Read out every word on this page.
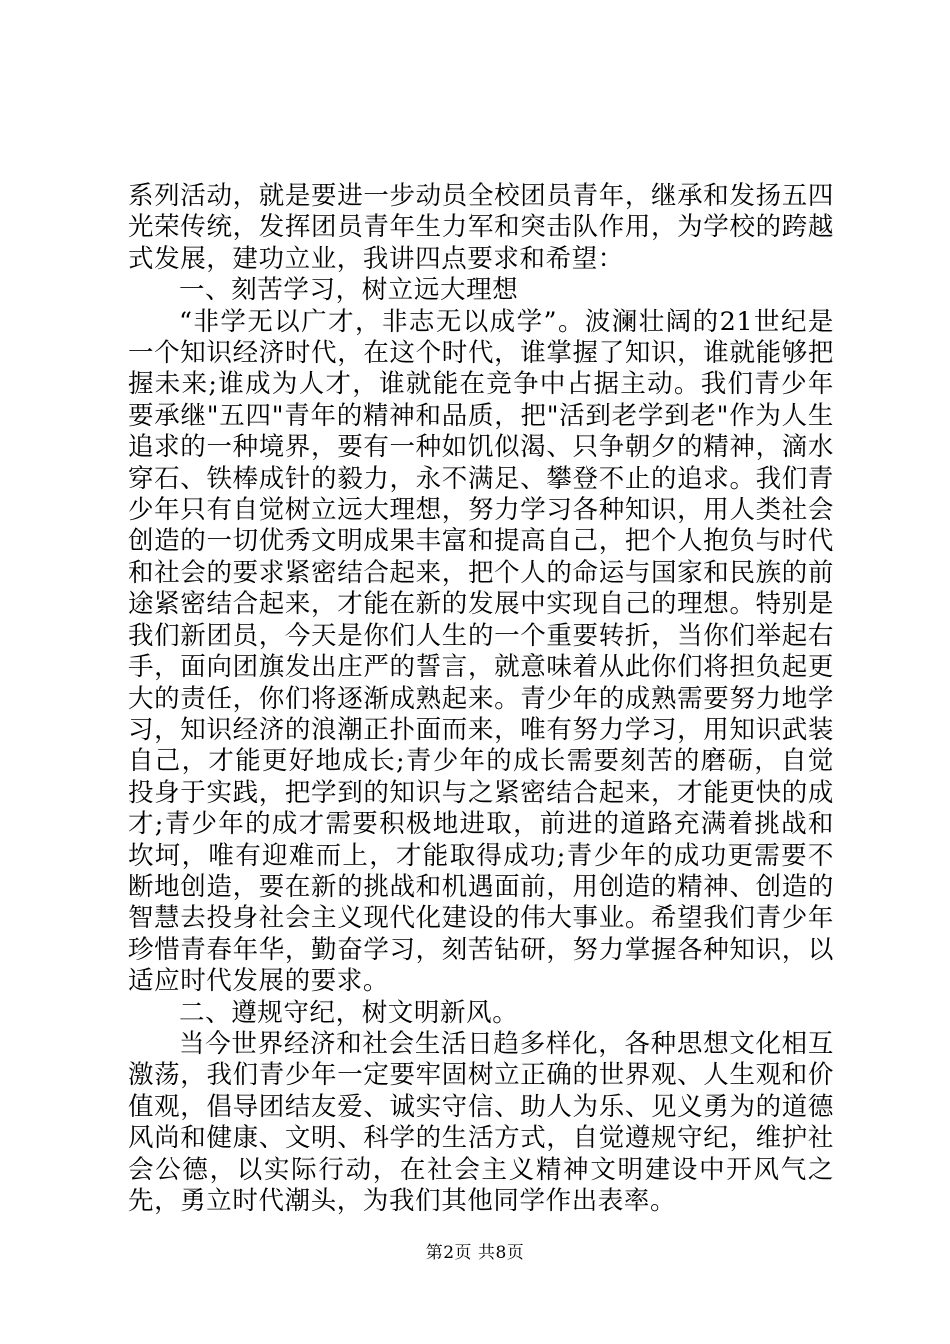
系列活动，就是要进一步动员全校团员青年，继承和发扬五四光荣传统，发挥团员青年生力军和突击队作用，为学校的跨越式发展，建功立业，我讲四点要求和希望：

一、刻苦学习，树立远大理想

“非学无以广才，非志无以成学”。波澜壮阔的21世纪是一个知识经济时代，在这个时代，谁掌握了知识，谁就能够把握未来;谁成为人才，谁就能在竞争中占据主动。我们青少年要承继"五四"青年的精神和品质，把"活到老学到老"作为人生追求的一种境界，要有一种如饥似渴、只争朝夕的精神，滴水穿石、铁棒成针的毅力，永不满足、攀登不止的追求。我们青少年只有自觉树立远大理想，努力学习各种知识，用人类社会创造的一切优秀文明成果丰富和提高自己，把个人抱负与时代和社会的要求紧密结合起来，把个人的命运与国家和民族的前途紧密结合起来，才能在新的发展中实现自己的理想。特别是我们新团员，今天是你们人生的一个重要转折，当你们举起右手，面向团旗发出庄严的誓言，就意味着从此你们将担负起更大的责任，你们将逐渐成熟起来。青少年的成熟需要努力地学习，知识经济的浪潮正扑面而来，唯有努力学习，用知识武装自己，才能更好地成长;青少年的成长需要刻苦的磨砺，自觉投身于实践，把学到的知识与之紧密结合起来，才能更快的成才;青少年的成才需要积极地进取，前进的道路充满着挑战和坎坷，唯有迎难而上，才能取得成功;青少年的成功更需要不断地创造，要在新的挑战和机遇面前，用创造的精神、创造的智慧去投身社会主义现代化建设的伟大事业。希望我们青少年珍惜青春年华，勤奋学习，刻苦钻研，努力掌握各种知识，以适应时代发展的要求。

二、遵规守纪，树文明新风。

当今世界经济和社会生活日趋多样化，各种思想文化相互激荡，我们青少年一定要牢固树立正确的世界观、人生观和价值观，倡导团结友爱、诚实守信、助人为乐、见义勇为的道德风尚和健康、文明、科学的生活方式，自觉遵规守纪，维护社会公德，以实际行动，在社会主义精神文明建设中开风气之先，勇立时代潮头，为我们其他同学作出表率。

第2页 共8页
